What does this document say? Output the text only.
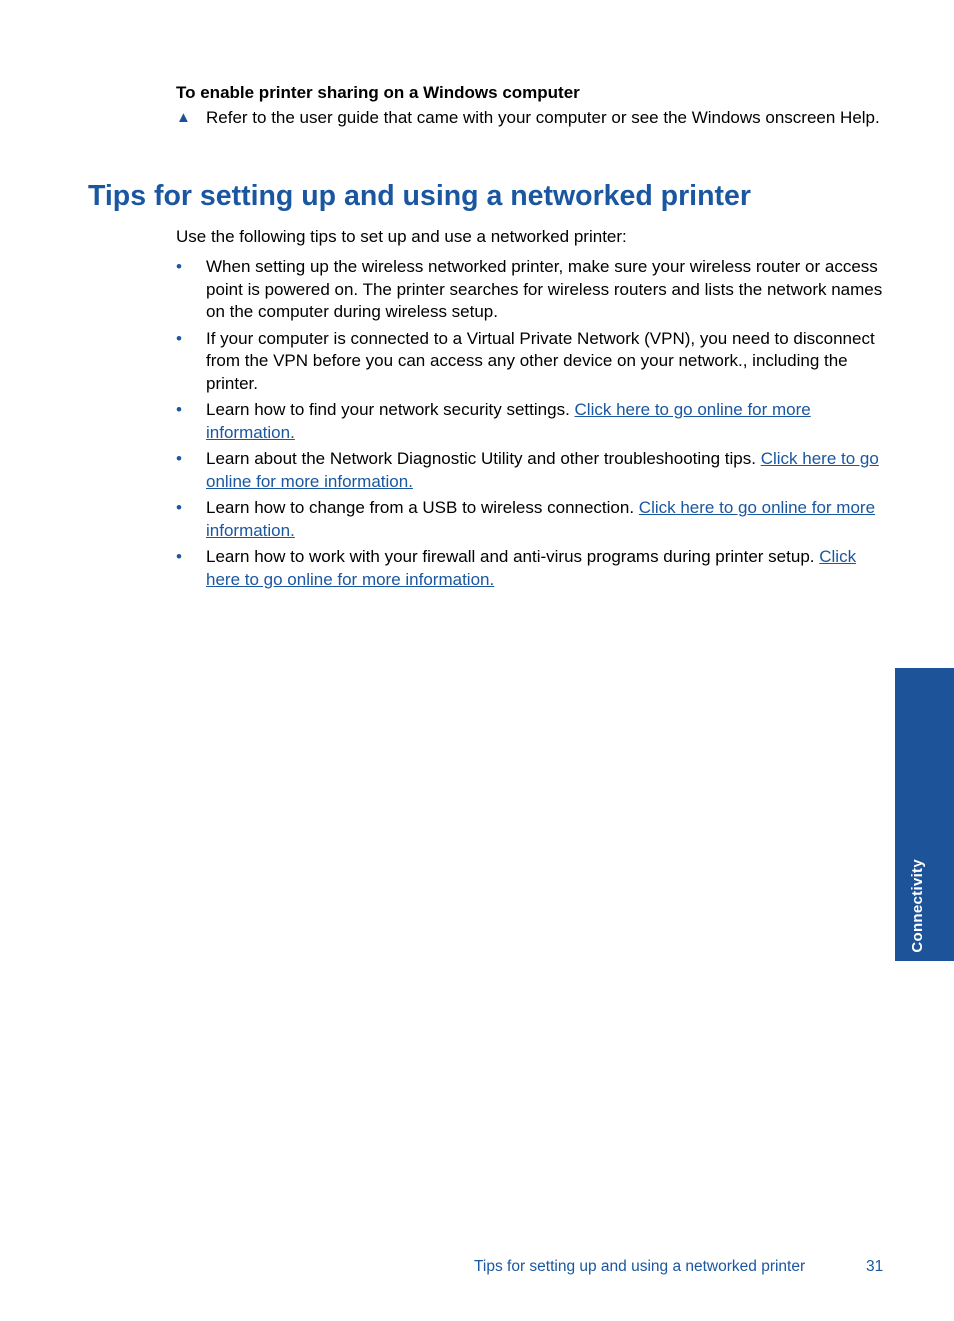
To enable printer sharing on a Windows computer
▲ Refer to the user guide that came with your computer or see the Windows onscreen Help.
Tips for setting up and using a networked printer
Use the following tips to set up and use a networked printer:
•	When setting up the wireless networked printer, make sure your wireless router or access point is powered on. The printer searches for wireless routers and lists the network names on the computer during wireless setup.
•	If your computer is connected to a Virtual Private Network (VPN), you need to disconnect from the VPN before you can access any other device on your network., including the printer.
•	Learn how to find your network security settings. Click here to go online for more information.
•	Learn about the Network Diagnostic Utility and other troubleshooting tips. Click here to go online for more information.
•	Learn how to change from a USB to wireless connection. Click here to go online for more information.
•	Learn how to work with your firewall and anti-virus programs during printer setup. Click here to go online for more information.
Connectivity
Tips for setting up and using a networked printer	31
